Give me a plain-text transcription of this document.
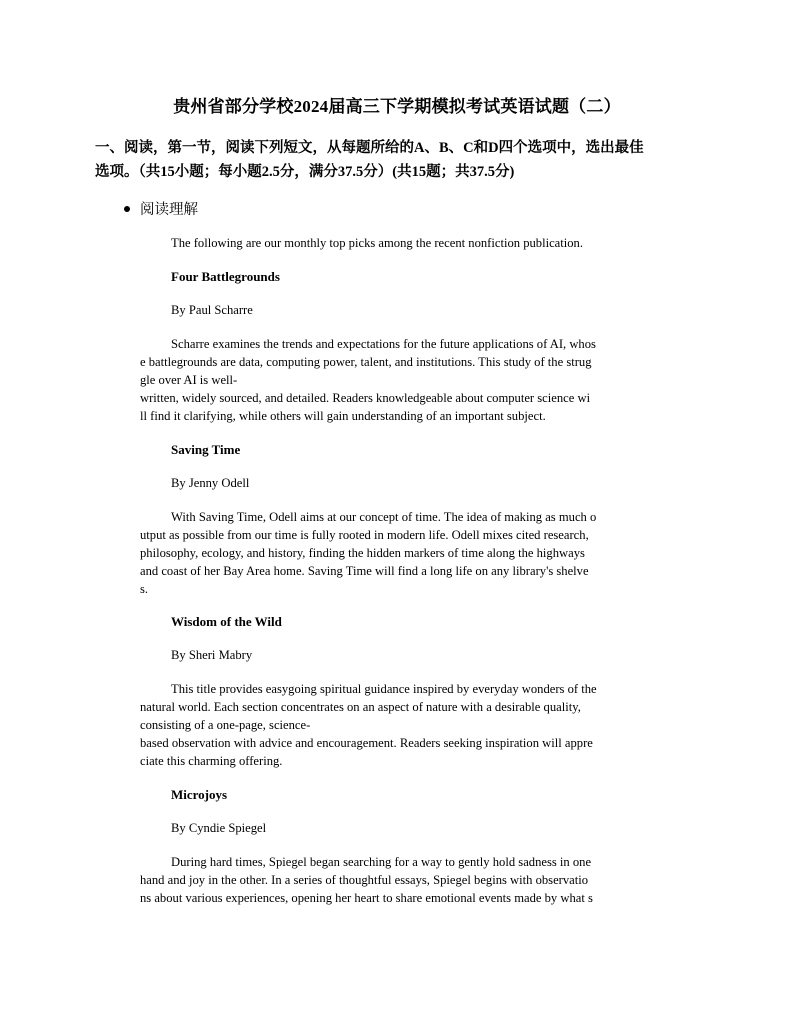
贵州省部分学校2024届高三下学期模拟考试英语试题（二）
一、阅读，第一节，阅读下列短文，从每题所给的A、B、C和D四个选项中，选出最佳
选项。（共15小题；每小题2.5分，满分37.5分）(共15题；共37.5分)
阅读理解
The following are our monthly top picks among the recent nonfiction publication.
Four Battlegrounds
By Paul Scharre
Scharre examines the trends and expectations for the future applications of AI, whos
e battlegrounds are data, computing power, talent, and institutions. This study of the strug
gle over AI is well-
written, widely sourced, and detailed. Readers knowledgeable about computer science wi
ll find it clarifying, while others will gain understanding of an important subject.
Saving Time
By Jenny Odell
With Saving Time, Odell aims at our concept of time. The idea of making as much o
utput as possible from our time is fully rooted in modern life. Odell mixes cited research,
philosophy, ecology, and history, finding the hidden markers of time along the highways
and coast of her Bay Area home. Saving Time will find a long life on any library's shelve
s.
Wisdom of the Wild
By Sheri Mabry
This title provides easygoing spiritual guidance inspired by everyday wonders of the
natural world. Each section concentrates on an aspect of nature with a desirable quality,
consisting of a one-page, science-
based observation with advice and encouragement. Readers seeking inspiration will appre
ciate this charming offering.
Microjoys
By Cyndie Spiegel
During hard times, Spiegel began searching for a way to gently hold sadness in one
hand and joy in the other. In a series of thoughtful essays, Spiegel begins with observatio
ns about various experiences, opening her heart to share emotional events made by what s
